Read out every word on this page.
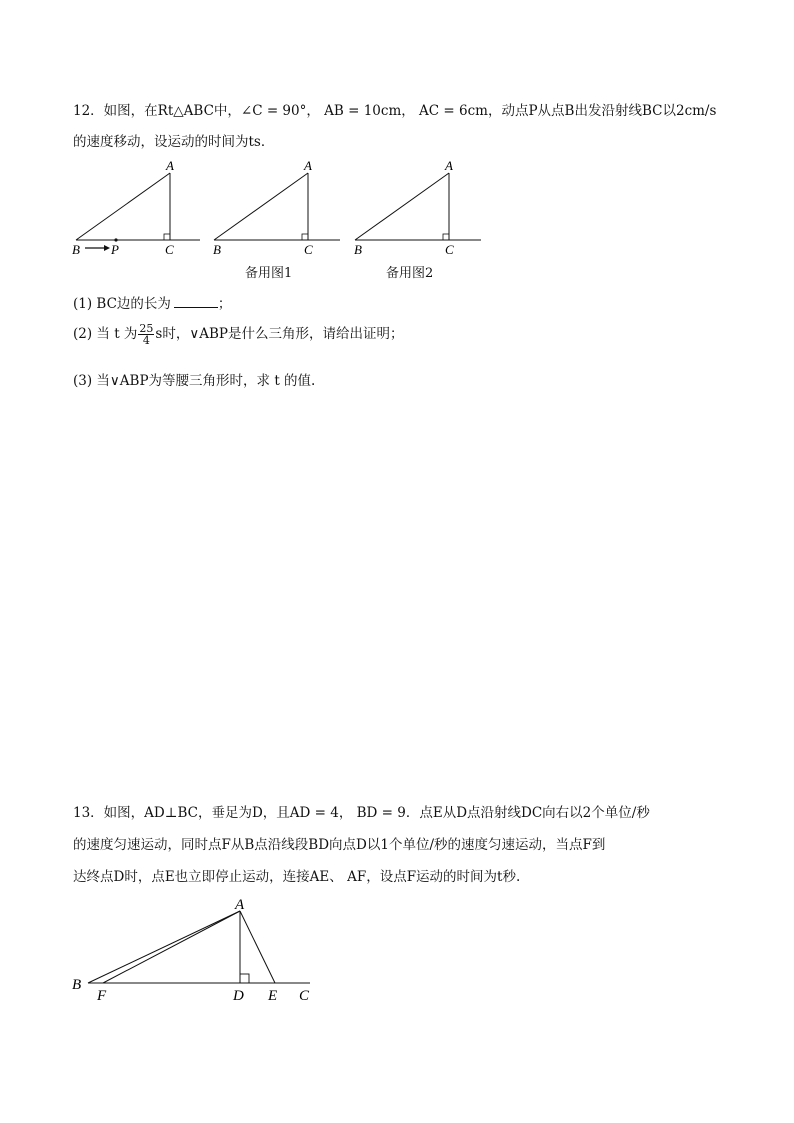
12．如图，在Rt△ABC中，∠C = 90°， AB = 10cm， AC = 6cm，动点P从点B出发沿射线BC以2cm/s
的速度移动，设运动的时间为ts．
A
B P	C
A
B	C
备用图1
A
B	C
备用图2
(1) BC边的长为	；
(2) 当 t 为 $\frac{25}{4}$ s时，∨ABP是什么三角形，请给出证明；
(3) 当∨ABP为等腰三角形时，求 t 的值.
13．如图，AD⊥BC，垂足为D，且AD = 4， BD = 9．点E从D点沿射线DC向右以2个单位/秒
的速度匀速运动，同时点F从B点沿线段BD向点D以1个单位/秒的速度匀速运动，当点F到
达终点D时，点E也立即停止运动，连接AE、 AF，设点F运动的时间为t秒.
A
B
F	D E C
